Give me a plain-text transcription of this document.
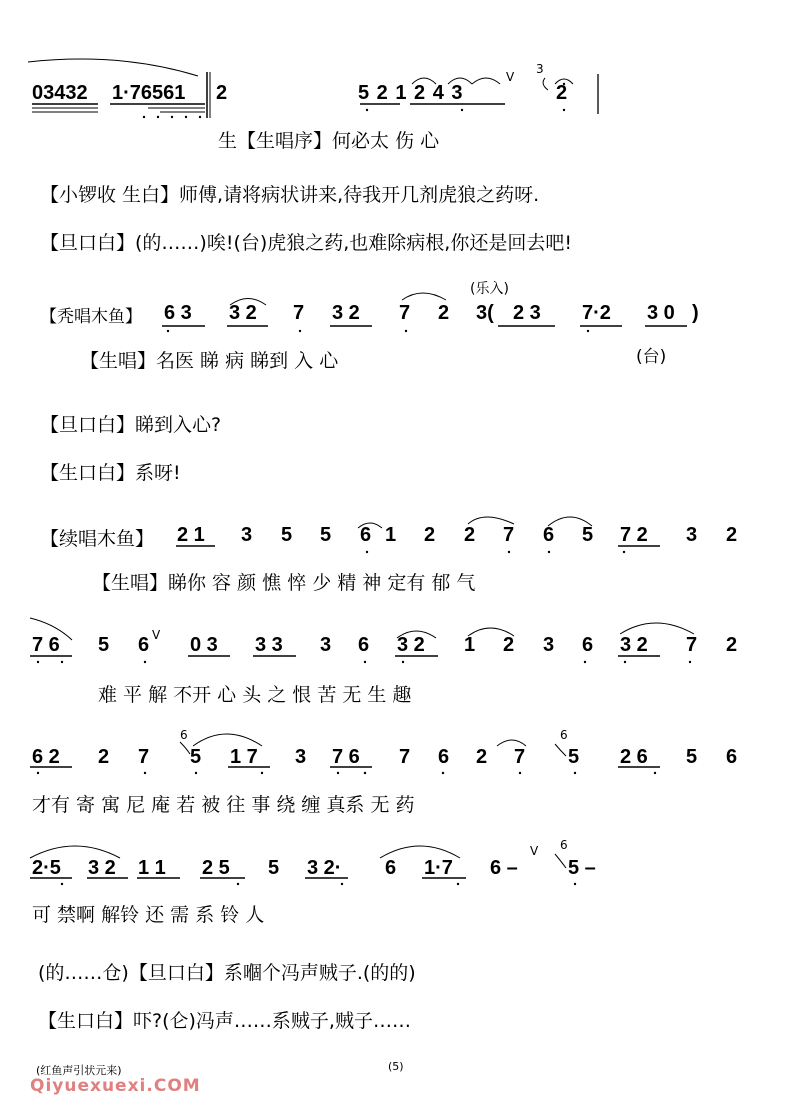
03432 1·76561 2	5 2 1 2 4 3
V
3
2
生【生唱序】何必太 伤 心
【小锣收 生白】师傅,请将病状讲来,待我开几剂虎狼之药呀.
【旦口白】(的……)唉!(台)虎狼之药,也难除病根,你还是回去吧!
(乐入)
【秃唱木鱼】 6 3 3 2 7 3 2 7 2 3( 2 3 7·2 3 0 )
【生唱】名医 睇 病 睇到 入 心	(台)
【旦口白】睇到入心?
【生口白】系呀!
【续唱木鱼】 2 1 3 5 5 6 1 2 2 7 6 5 7 2 3 2
【生唱】睇你 容 颜 憔 悴 少 精 神 定有 郁 气
7 6 5 6 0 3 3 3 3 6 3 2 1 2 3 6 3 2 7 2
V
难 平 解 不开 心 头 之 恨 苦 无 生 趣
6	6
6 2 2 7 5 1 7 3 7 6 7 6 2 7 5 2 6 5 6
才有 寄 寓 尼 庵 若 被 往 事 绕 缠 真系 无 药
6
V
2·5 3 2 1 1 2 5 5 3 2· 6 1·7 6 –	5 –
可 禁啊 解铃 还 需 系 铃 人
(的……仓)【旦口白】系嗰个冯声贼子.(的的)
【生口白】吓?(仑)冯声……系贼子,贼子……
(红鱼声引状元来)	(5)
Qiyuexuexi.COM
